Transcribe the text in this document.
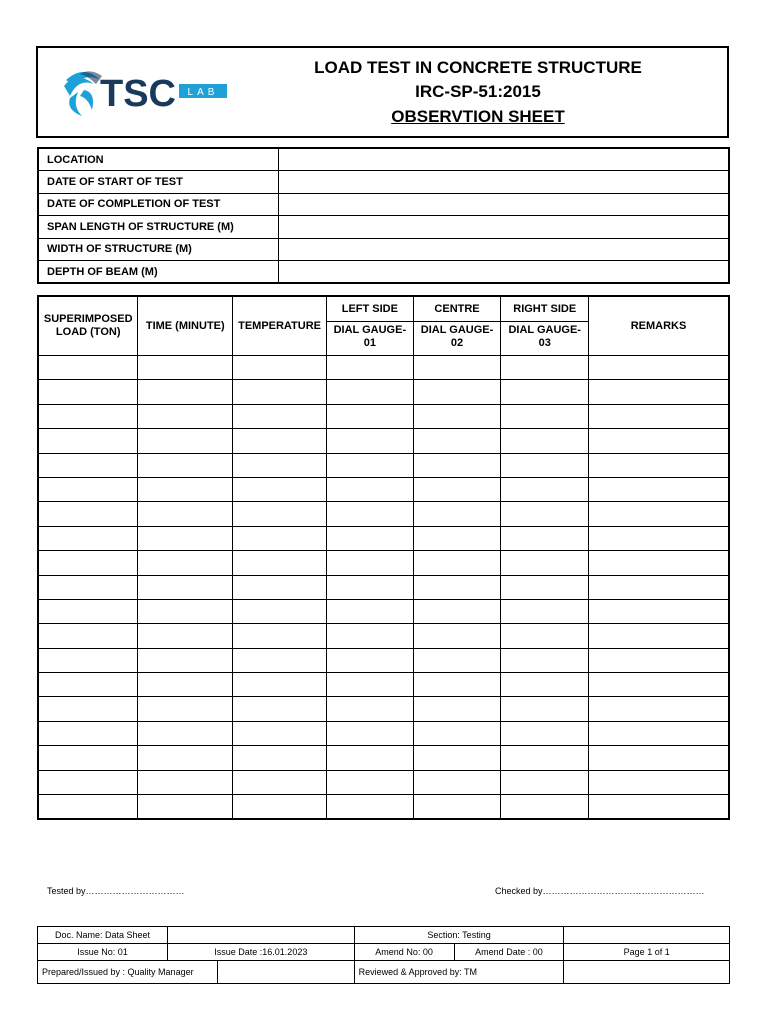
TSC LAB
LOAD TEST IN CONCRETE STRUCTURE
IRC-SP-51:2015
OBSERVTION SHEET
LOCATION	
DATE OF START OF TEST	
DATE OF COMPLETION OF TEST	
SPAN LENGTH OF STRUCTURE (M)	
WIDTH OF STRUCTURE (M)	
DEPTH OF BEAM (M)	
SUPERIMPOSED LOAD (TON)	TIME (MINUTE)	TEMPERATURE	LEFT SIDE	CENTRE	RIGHT SIDE	REMARKS
			DIAL GAUGE- 01	DIAL GAUGE- 02	DIAL GAUGE- 03	

Tested by……………………………	Checked by………………………………………………
Doc. Name: Data Sheet			Section: Testing		
Issue No: 01	Issue Date :16.01.2023		Amend No: 00	Amend Date : 00	Page 1 of 1
Prepared/Issued by : Quality Manager			Reviewed & Approved by: TM		
